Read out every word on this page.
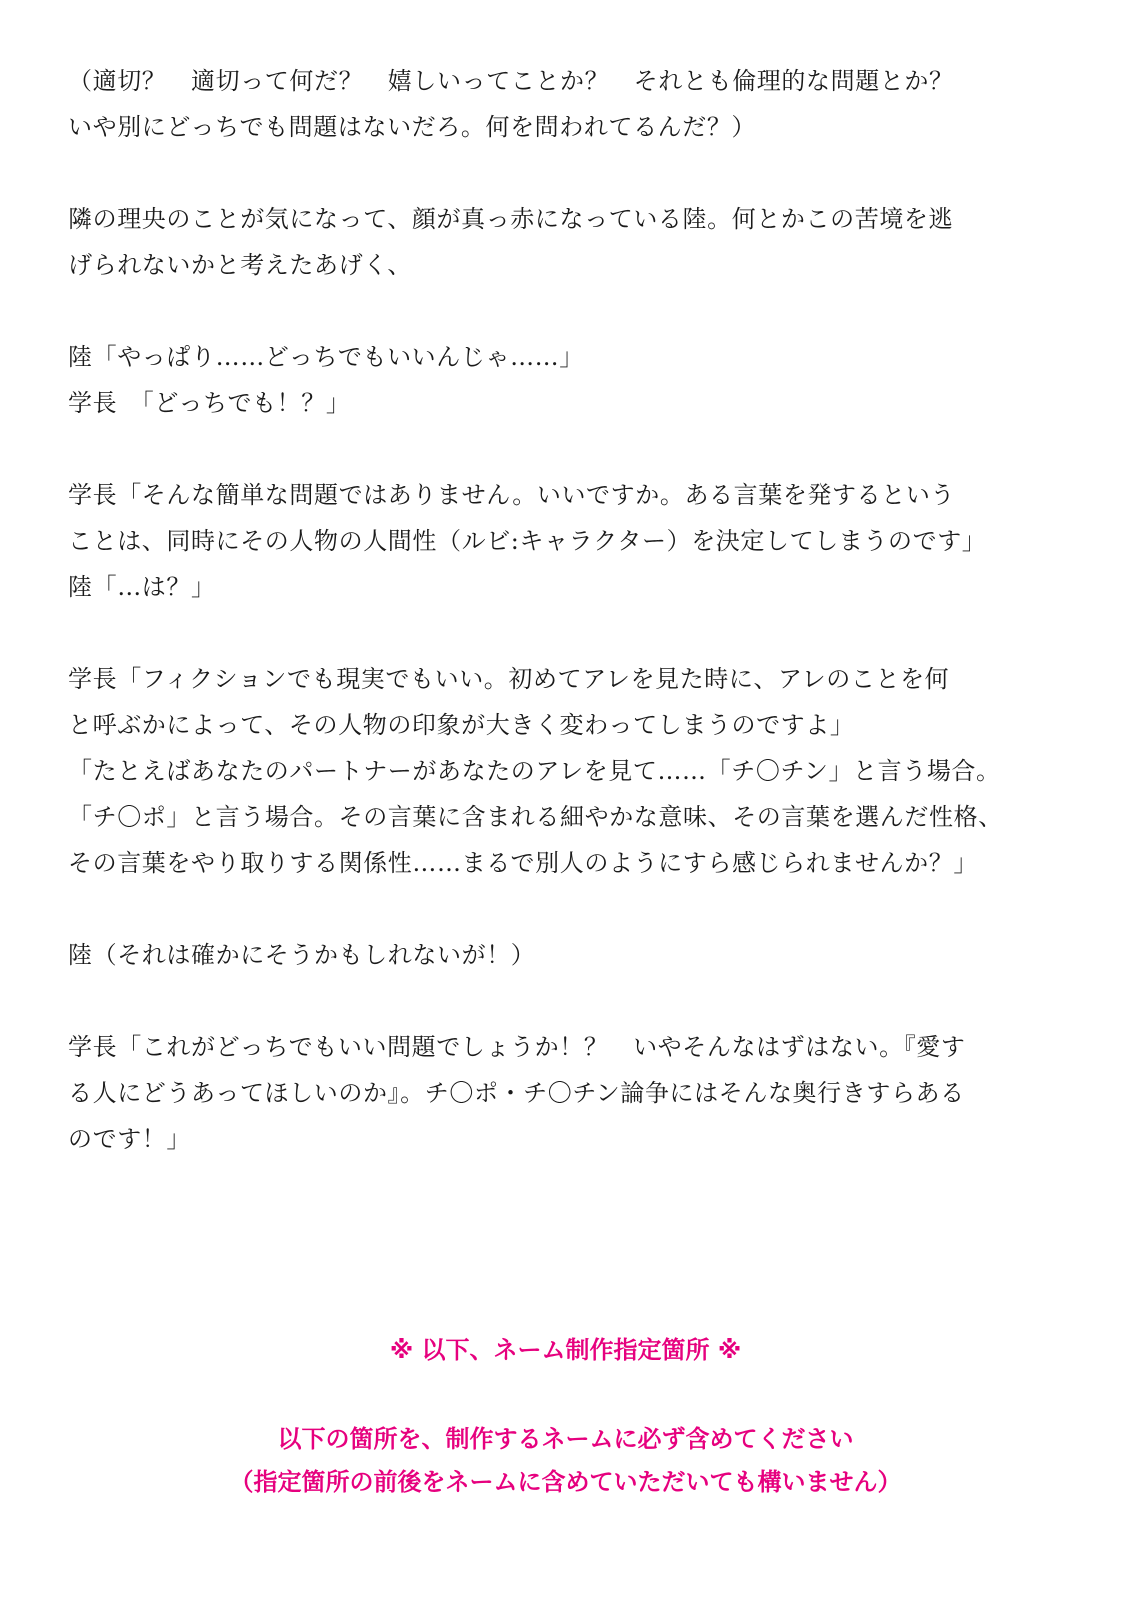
（適切？　適切って何だ？　嬉しいってことか？　それとも倫理的な問題とか？
いや別にどっちでも問題はないだろ。何を問われてるんだ？）
隣の理央のことが気になって、顔が真っ赤になっている陸。何とかこの苦境を逃
げられないかと考えたあげく、
陸「やっぱり……どっちでもいいんじゃ……」
学長　「どっちでも！？」
学長「そんな簡単な問題ではありません。いいですか。ある言葉を発するという
ことは、同時にその人物の人間性（ルビ:キャラクター）を決定してしまうのです」
陸「…は？」
学長「フィクションでも現実でもいい。初めてアレを見た時に、アレのことを何
と呼ぶかによって、その人物の印象が大きく変わってしまうのですよ」
「たとえばあなたのパートナーがあなたのアレを見て……「チ〇チン」と言う場合。
「チ〇ポ」と言う場合。その言葉に含まれる細やかな意味、その言葉を選んだ性格、
その言葉をやり取りする関係性……まるで別人のようにすら感じられませんか？」
陸（それは確かにそうかもしれないが！）
学長「これがどっちでもいい問題でしょうか！？　いやそんなはずはない。『愛す
る人にどうあってほしいのか』。チ〇ポ・チ〇チン論争にはそんな奥行きすらある
のです！」
※ 以下、ネーム制作指定箇所 ※
以下の箇所を、制作するネームに必ず含めてください
（指定箇所の前後をネームに含めていただいても構いません）
